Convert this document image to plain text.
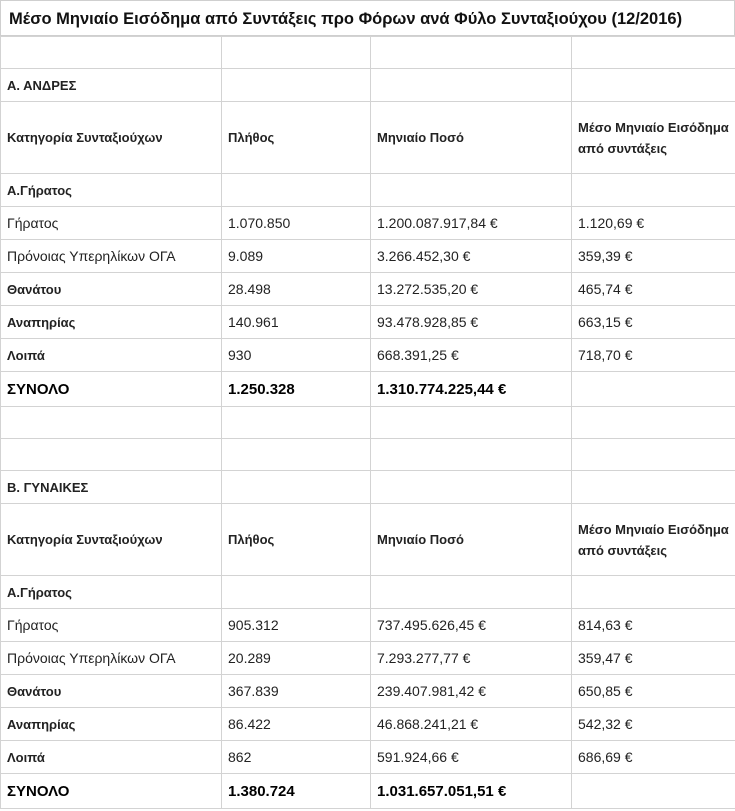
Μέσο Μηνιαίο Εισόδημα από Συντάξεις προ Φόρων ανά Φύλο Συνταξιούχου (12/2016)

Α. ΑΝΔΡΕΣ			
Κατηγορία Συνταξιούχων	Πλήθος	Μηνιαίο Ποσό	Μέσο Μηνιαίο Εισόδημα από συντάξεις
Α.Γήρατος			
Γήρατος	1.070.850	1.200.087.917,84 €	1.120,69 €
Πρόνοιας Υπερηλίκων ΟΓΑ	9.089	3.266.452,30 €	359,39 €
Θανάτου	28.498	13.272.535,20 €	465,74 €
Αναπηρίας	140.961	93.478.928,85 €	663,15 €
Λοιπά	930	668.391,25 €	718,70 €
ΣΥΝΟΛΟ	1.250.328	1.310.774.225,44 €	

Β. ΓΥΝΑΙΚΕΣ			
Κατηγορία Συνταξιούχων	Πλήθος	Μηνιαίο Ποσό	Μέσο Μηνιαίο Εισόδημα από συντάξεις
Α.Γήρατος			
Γήρατος	905.312	737.495.626,45 €	814,63 €
Πρόνοιας Υπερηλίκων ΟΓΑ	20.289	7.293.277,77 €	359,47 €
Θανάτου	367.839	239.407.981,42 €	650,85 €
Αναπηρίας	86.422	46.868.241,21 €	542,32 €
Λοιπά	862	591.924,66 €	686,69 €
ΣΥΝΟΛΟ	1.380.724	1.031.657.051,51 €	
